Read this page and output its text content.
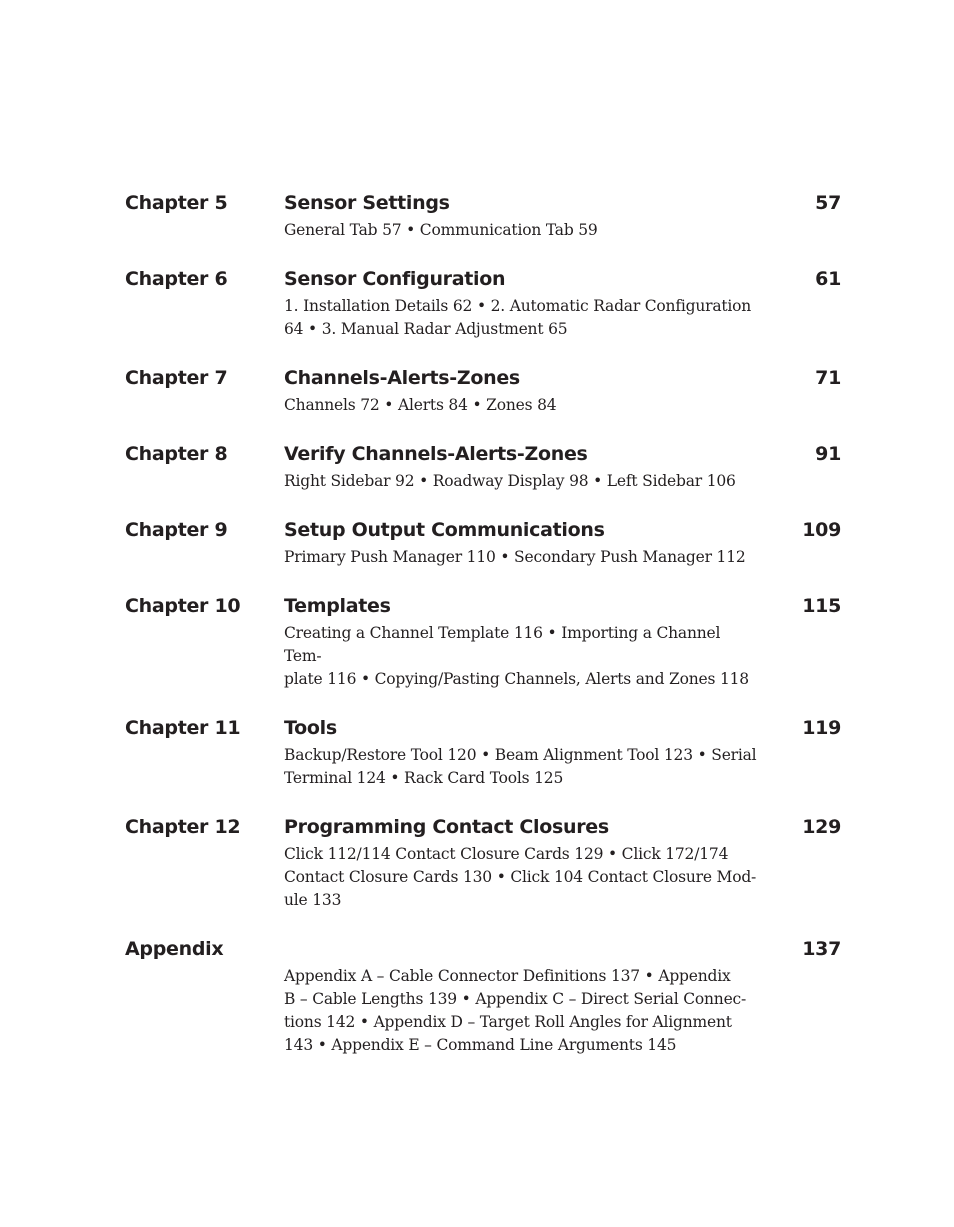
Chapter 5	Sensor Settings	57
General Tab 57 • Communication Tab 59
Chapter 6	Sensor Configuration	61
1. Installation Details 62 • 2. Automatic Radar Configuration
64 • 3. Manual Radar Adjustment 65
Chapter 7	Channels-Alerts-Zones	71
Channels 72 • Alerts 84 • Zones 84
Chapter 8	Verify Channels-Alerts-Zones	91
Right Sidebar 92 • Roadway Display 98 • Left Sidebar 106
Chapter 9	Setup Output Communications	109
Primary Push Manager 110 • Secondary Push Manager 112
Chapter 10 Templates	115
Creating a Channel Template 116 • Importing a Channel Tem-
plate 116 • Copying/Pasting Channels, Alerts and Zones 118
Chapter 11 Tools	119
Backup/Restore Tool 120 • Beam Alignment Tool 123 • Serial
Terminal 124 • Rack Card Tools 125
Chapter 12 Programming Contact Closures	129
Click 112/114 Contact Closure Cards 129 • Click 172/174
Contact Closure Cards 130 • Click 104 Contact Closure Mod-
ule 133
Appendix	137
Appendix A – Cable Connector Definitions 137 • Appendix
B – Cable Lengths 139 • Appendix C – Direct Serial Connec-
tions 142 • Appendix D – Target Roll Angles for Alignment
143 • Appendix E – Command Line Arguments 145
